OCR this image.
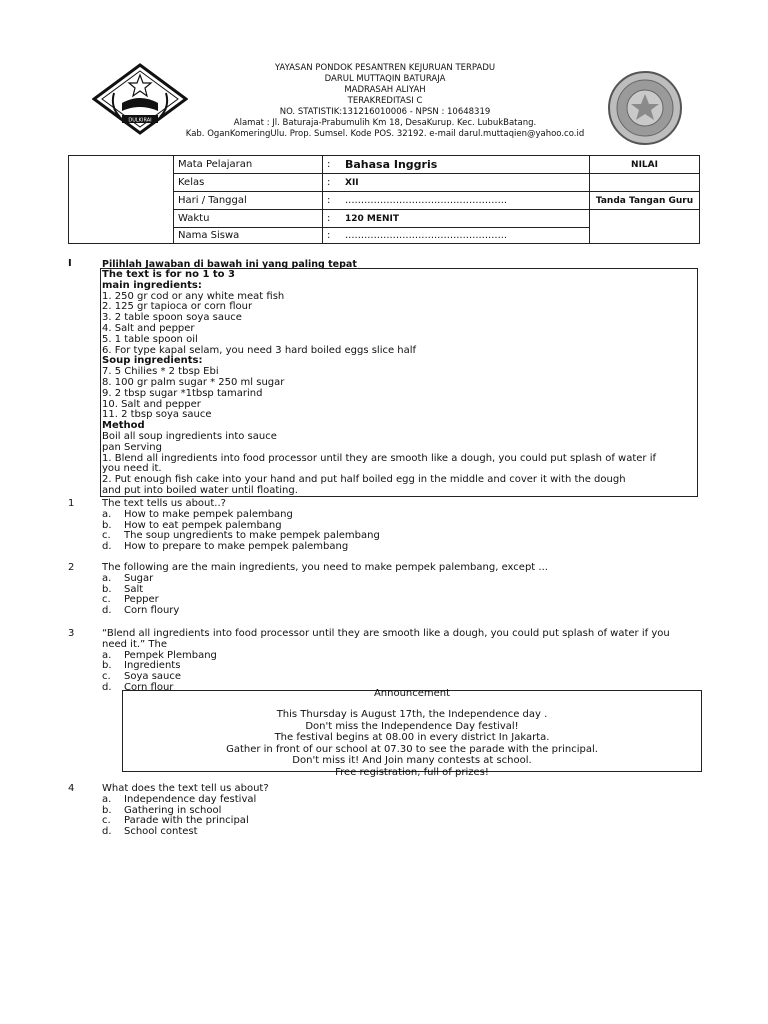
DULKIRAI
YAYASAN PONDOK PESANTREN KEJURUAN TERPADU
DARUL MUTTAQIN BATURAJA
MADRASAH ALIYAH
TERAKREDITASI C
NO. STATISTIK:131216010006 - NPSN : 10648319
Alamat : Jl. Baturaja-Prabumulih Km 18, DesaKurup. Kec. LubukBatang.
Kab. OganKomeringUlu. Prop. Sumsel. Kode POS. 32192. e-mail darul.muttaqien@yahoo.co.id
	Mata Pelajaran	:	Bahasa Inggris	NILAI
	Kelas	:	XII	
	Hari / Tanggal	:	...................................................	Tanda Tangan Guru
	Waktu	:	120 MENIT	
	Nama Siswa	:	...................................................	
I	Pilihlah Jawaban di bawah ini yang paling tepat
The text is for no 1 to 3
main ingredients:
1. 250 gr cod or any white meat fish
2. 125 gr tapioca or corn flour
3. 2 table spoon soya sauce
4. Salt and pepper
5. 1 table spoon oil
6. For type kapal selam, you need 3 hard boiled eggs slice half
Soup ingredients:
7. 5 Chilies * 2 tbsp Ebi
8. 100 gr palm sugar * 250 ml sugar
9. 2 tbsp sugar *1tbsp tamarind
10. Salt and pepper
11. 2 tbsp soya sauce
Method
Boil all soup ingredients into sauce
pan Serving
1. Blend all ingredients into food processor until they are smooth like a dough, you could put splash of water if
you need it.
2. Put enough fish cake into your hand and put half boiled egg in the middle and cover it with the dough
and put into boiled water until floating.
1	The text tells us about..?
a. How to make pempek palembang
b. How to eat pempek palembang
c. The soup ungredients to make pempek palembang
d. How to prepare to make pempek palembang
2	The following are the main ingredients, you need to make pempek palembang, except ...
a. Sugar
b. Salt
c. Pepper
d. Corn floury
3	“Blend all ingredients into food processor until they are smooth like a dough, you could put splash of water if you
need it.” The
a. Pempek Plembang
b. Ingredients
c. Soya sauce
d. Corn flour
4	What does the text tell us about?
a. Independence day festival
b. Gathering in school
c. Parade with the principal
d. School contest
Announcement
This Thursday is August 17th, the Independence day .
Don't miss the Independence Day festival!
The festival begins at 08.00 in every district In Jakarta.
Gather in front of our school at 07.30 to see the parade with the principal.
Don't miss it! And Join many contests at school.
Free registration, full of prizes!
